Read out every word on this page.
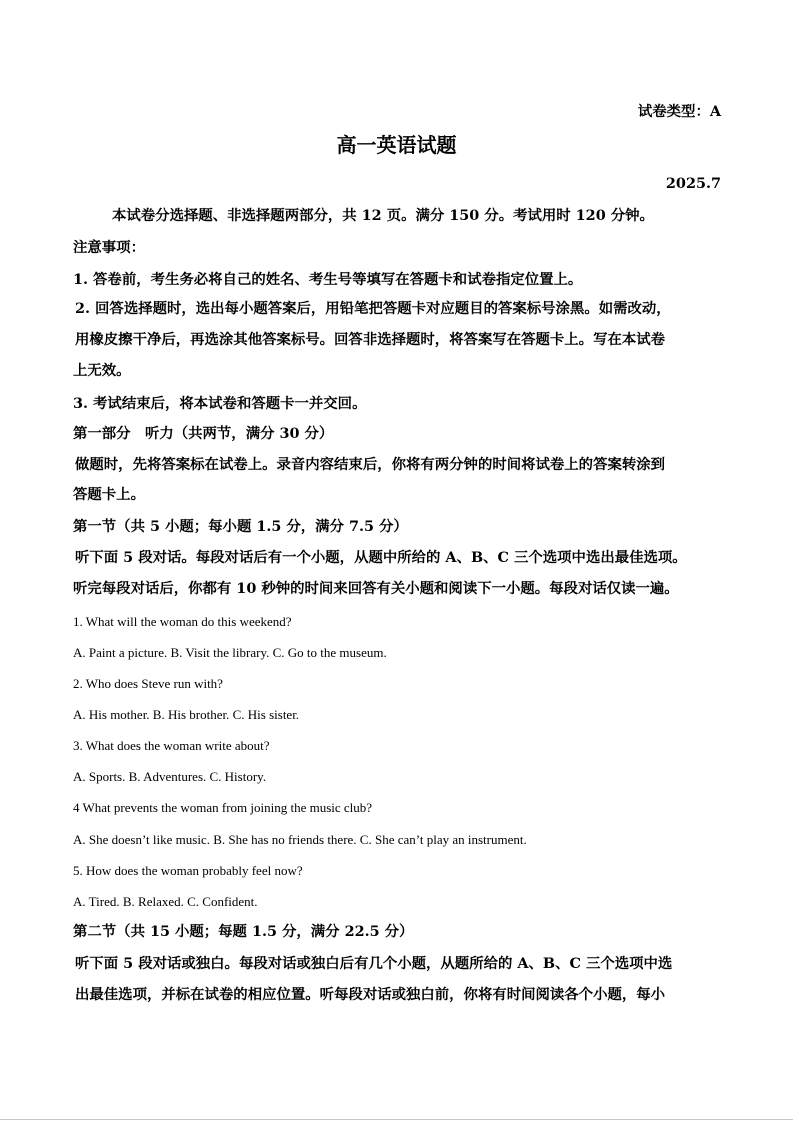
试卷类型：A
高一英语试题
2025.7
本试卷分选择题、非选择题两部分，共 12 页。满分 150 分。考试用时 120 分钟。
注意事项：
1. 答卷前，考生务必将自己的姓名、考生号等填写在答题卡和试卷指定位置上。
2. 回答选择题时，选出每小题答案后，用铅笔把答题卡对应题目的答案标号涂黑。如需改动，
用橡皮擦干净后，再选涂其他答案标号。回答非选择题时，将答案写在答题卡上。写在本试卷
上无效。
3. 考试结束后，将本试卷和答题卡一并交回。
第一部分　听力（共两节，满分 30 分）
做题时，先将答案标在试卷上。录音内容结束后，你将有两分钟的时间将试卷上的答案转涂到
答题卡上。
第一节（共 5 小题；每小题 1.5 分，满分 7.5 分）
听下面 5 段对话。每段对话后有一个小题，从题中所给的 A、B、C 三个选项中选出最佳选项。
听完每段对话后，你都有 10 秒钟的时间来回答有关小题和阅读下一小题。每段对话仅读一遍。
1. What will the woman do this weekend?
A. Paint a picture. B. Visit the library. C. Go to the museum.
2. Who does Steve run with?
A. His mother. B. His brother. C. His sister.
3. What does the woman write about?
A. Sports. B. Adventures. C. History.
4 What prevents the woman from joining the music club?
A. She doesn’t like music. B. She has no friends there. C. She can’t play an instrument.
5. How does the woman probably feel now?
A. Tired. B. Relaxed. C. Confident.
第二节（共 15 小题；每题 1.5 分，满分 22.5 分）
听下面 5 段对话或独白。每段对话或独白后有几个小题，从题所给的 A、B、C 三个选项中选
出最佳选项，并标在试卷的相应位置。听每段对话或独白前，你将有时间阅读各个小题，每小
